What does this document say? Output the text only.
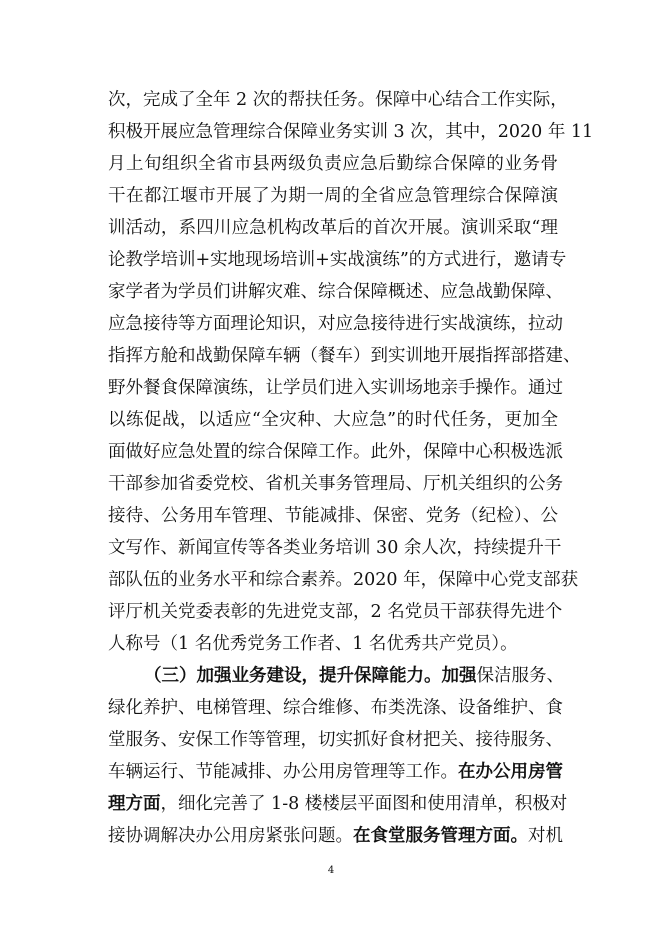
次，完成了全年 2 次的帮扶任务。保障中心结合工作实际，
积极开展应急管理综合保障业务实训 3 次，其中，2020 年 11
月上旬组织全省市县两级负责应急后勤综合保障的业务骨
干在都江堰市开展了为期一周的全省应急管理综合保障演
训活动，系四川应急机构改革后的首次开展。演训采取“理
论教学培训+实地现场培训+实战演练”的方式进行，邀请专
家学者为学员们讲解灾难、综合保障概述、应急战勤保障、
应急接待等方面理论知识，对应急接待进行实战演练，拉动
指挥方舱和战勤保障车辆（餐车）到实训地开展指挥部搭建、
野外餐食保障演练，让学员们进入实训场地亲手操作。通过
以练促战，以适应“全灾种、大应急”的时代任务，更加全
面做好应急处置的综合保障工作。此外，保障中心积极选派
干部参加省委党校、省机关事务管理局、厅机关组织的公务
接待、公务用车管理、节能减排、保密、党务（纪检）、公
文写作、新闻宣传等各类业务培训 30 余人次，持续提升干
部队伍的业务水平和综合素养。2020 年，保障中心党支部获
评厅机关党委表彰的先进党支部，2 名党员干部获得先进个
人称号（1 名优秀党务工作者、1 名优秀共产党员）。
（三）加强业务建设，提升保障能力。加强保洁服务、
绿化养护、电梯管理、综合维修、布类洗涤、设备维护、食
堂服务、安保工作等管理，切实抓好食材把关、接待服务、
车辆运行、节能减排、办公用房管理等工作。在办公用房管
理方面，细化完善了 1-8 楼楼层平面图和使用清单，积极对
接协调解决办公用房紧张问题。在食堂服务管理方面。对机
4
